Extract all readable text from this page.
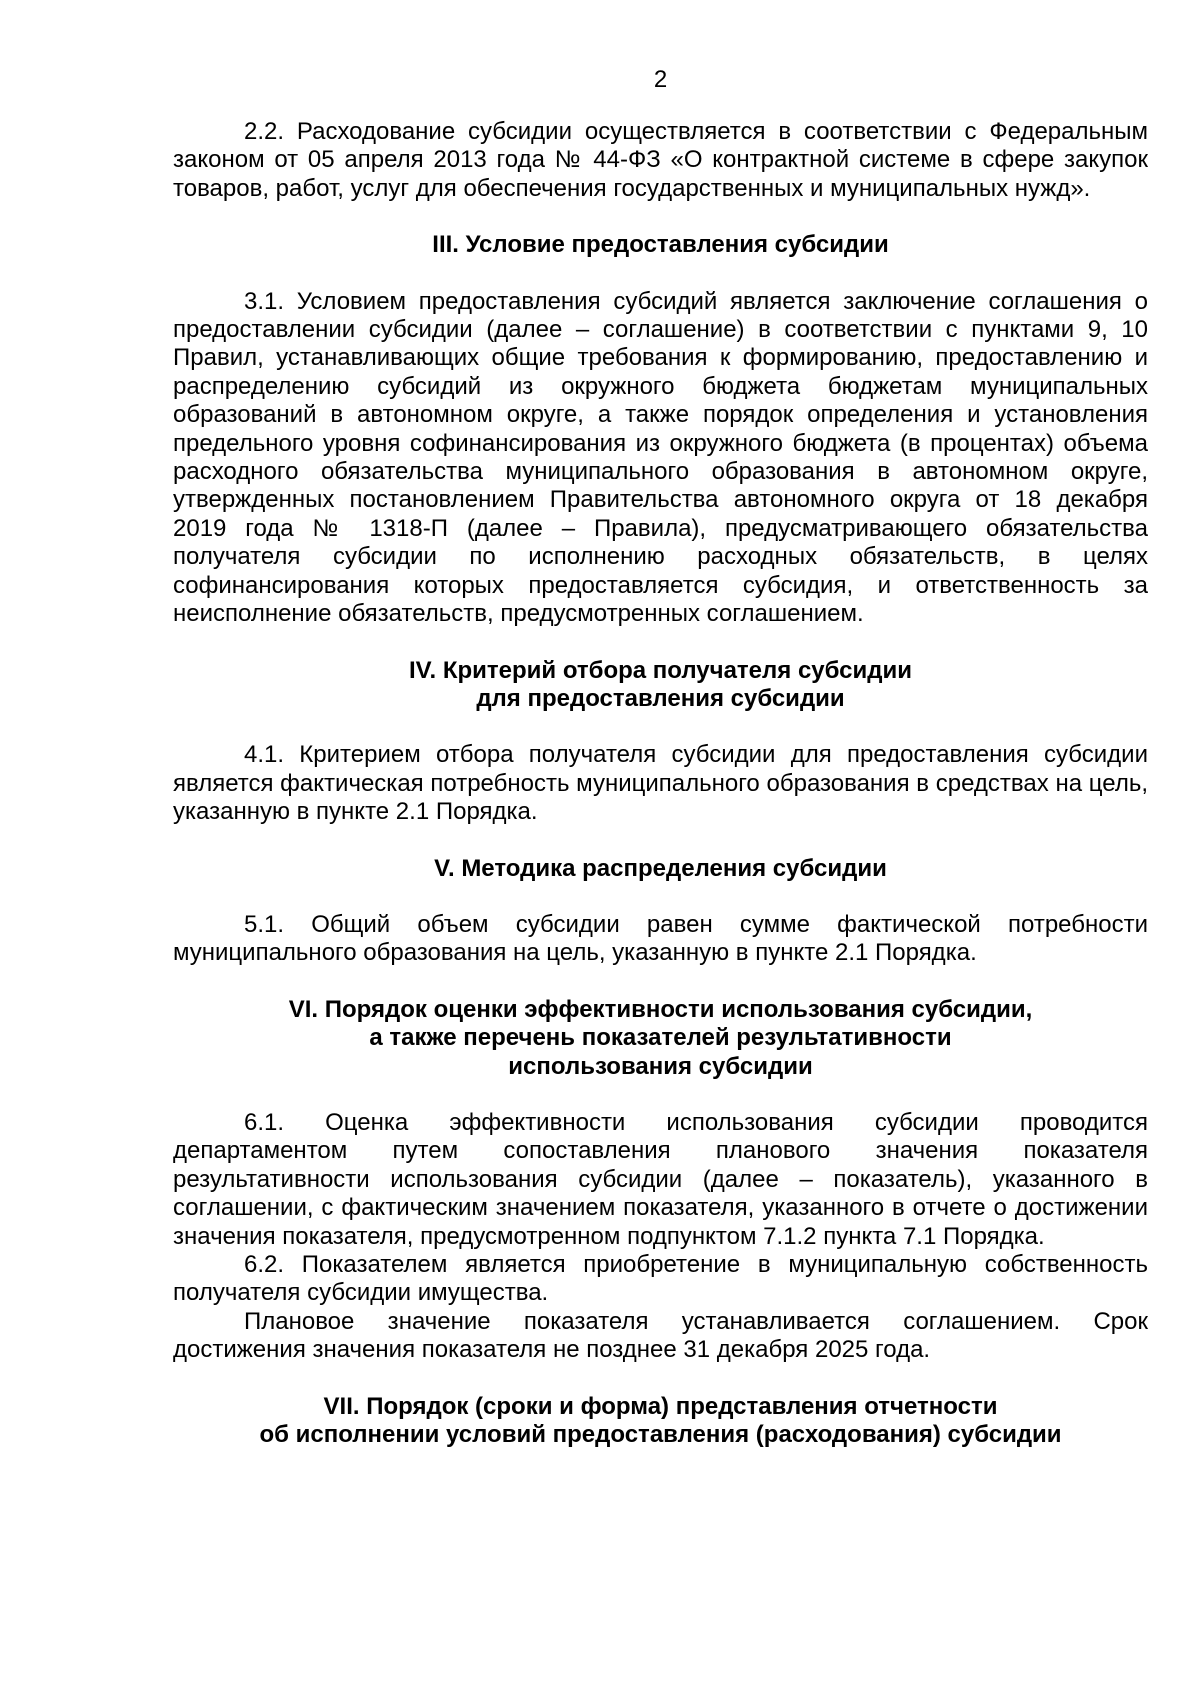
2

2.2. Расходование субсидии осуществляется в соответствии с Федеральным законом от 05 апреля 2013 года № 44-ФЗ «О контрактной системе в сфере закупок товаров, работ, услуг для обеспечения государственных и муниципальных нужд».

III. Условие предоставления субсидии

3.1. Условием предоставления субсидий является заключение соглашения о предоставлении субсидии (далее – соглашение) в соответствии с пунктами 9, 10 Правил, устанавливающих общие требования к формированию, предоставлению и распределению субсидий из окружного бюджета бюджетам муниципальных образований в автономном округе, а также порядок определения и установления предельного уровня софинансирования из окружного бюджета (в процентах) объема расходного обязательства муниципального образования в автономном округе, утвержденных постановлением Правительства автономного округа от 18 декабря 2019 года № 1318-П (далее – Правила), предусматривающего обязательства получателя субсидии по исполнению расходных обязательств, в целях софинансирования которых предоставляется субсидия, и ответственность за неисполнение обязательств, предусмотренных соглашением.

IV. Критерий отбора получателя субсидии

для предоставления субсидии

4.1. Критерием отбора получателя субсидии для предоставления субсидии является фактическая потребность муниципального образования в средствах на цель, указанную в пункте 2.1 Порядка.

V. Методика распределения субсидии

5.1. Общий объем субсидии равен сумме фактической потребности муниципального образования на цель, указанную в пункте 2.1 Порядка.

VI. Порядок оценки эффективности использования субсидии,

а также перечень показателей результативности

использования субсидии

6.1. Оценка эффективности использования субсидии проводится департаментом путем сопоставления планового значения показателя результативности использования субсидии (далее – показатель), указанного в соглашении, с фактическим значением показателя, указанного в отчете о достижении значения показателя, предусмотренном подпунктом 7.1.2 пункта 7.1 Порядка.

6.2. Показателем является приобретение в муниципальную собственность получателя субсидии имущества.

Плановое значение показателя устанавливается соглашением. Срок достижения значения показателя не позднее 31 декабря 2025 года.

VII. Порядок (сроки и форма) представления отчетности

об исполнении условий предоставления (расходования) субсидии
